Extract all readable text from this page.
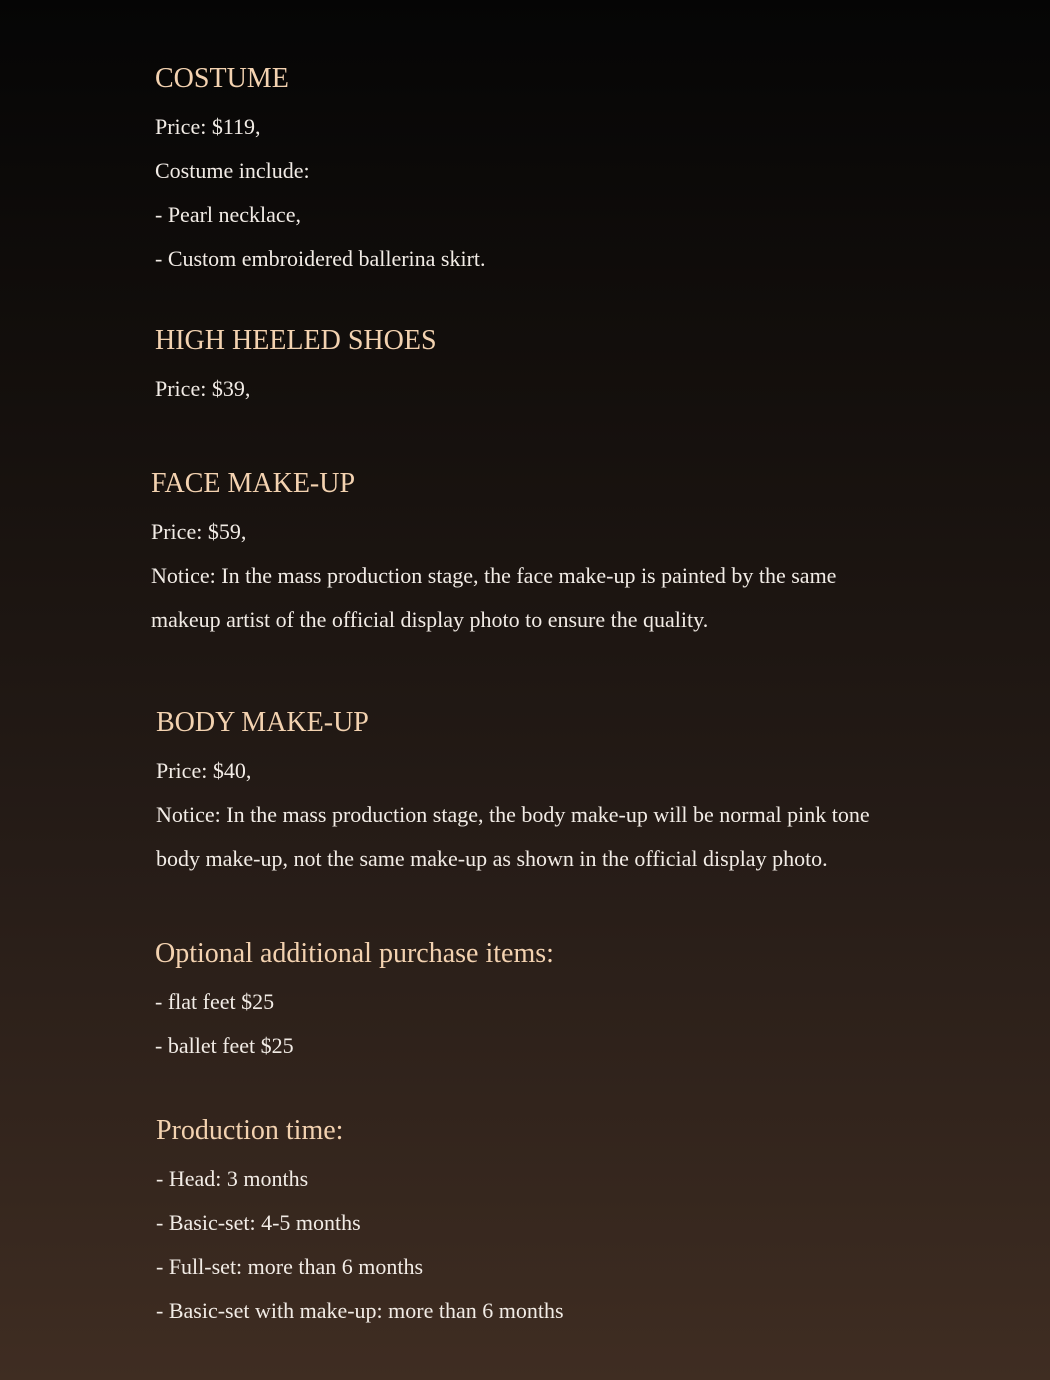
COSTUME

Price: $119,

Costume include:

- Pearl necklace,

- Custom embroidered ballerina skirt.

HIGH HEELED SHOES

Price: $39,

FACE MAKE-UP

Price: $59,

Notice: In the mass production stage, the face make-up is painted by the same

makeup artist of the official display photo to ensure the quality.

BODY MAKE-UP

Price: $40,

Notice: In the mass production stage, the body make-up will be normal pink tone

body make-up, not the same make-up as shown in the official display photo.

Optional additional purchase items:

- flat feet $25

- ballet feet $25

Production time:

- Head: 3 months

- Basic-set: 4-5 months

- Full-set: more than 6 months

- Basic-set with make-up: more than 6 months
